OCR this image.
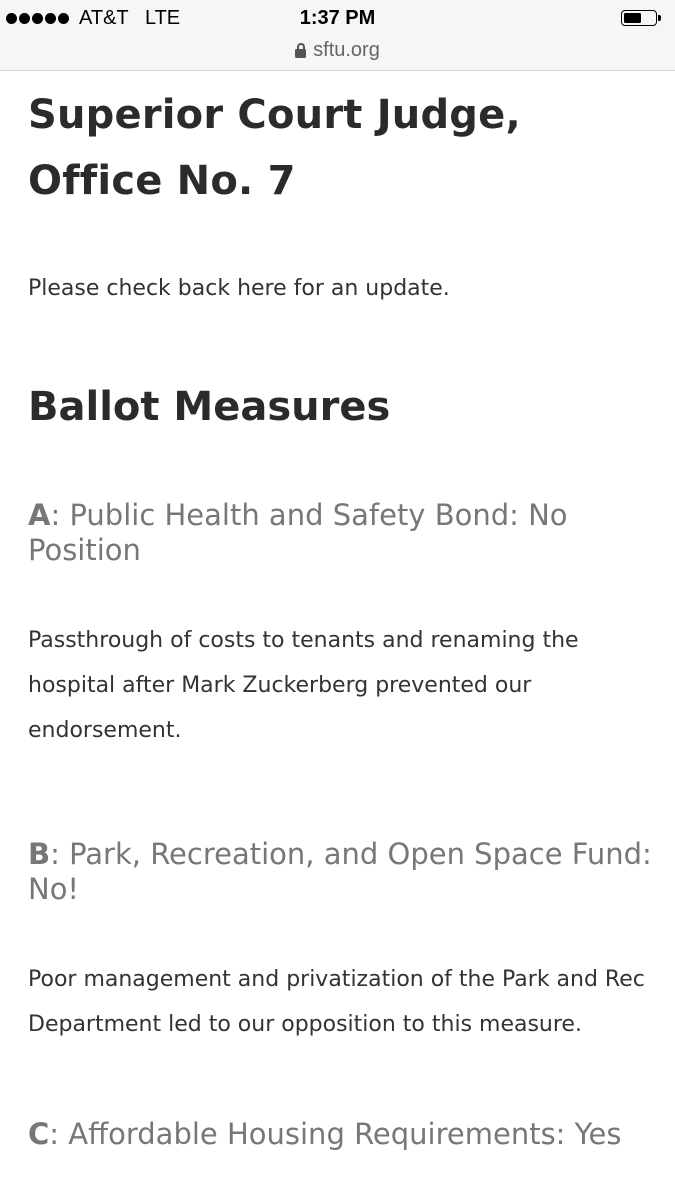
AT&T   LTE	1:37 PM
sftu.org
Superior Court Judge, Office No. 7

Please check back here for an update.

Ballot Measures
A: Public Health and Safety Bond: No Position

Passthrough of costs to tenants and renaming the hospital after Mark Zuckerberg prevented our endorsement.

B: Park, Recreation, and Open Space Fund: No!

Poor management and privatization of the Park and Rec Department led to our opposition to this measure.

C: Affordable Housing Requirements: Yes
